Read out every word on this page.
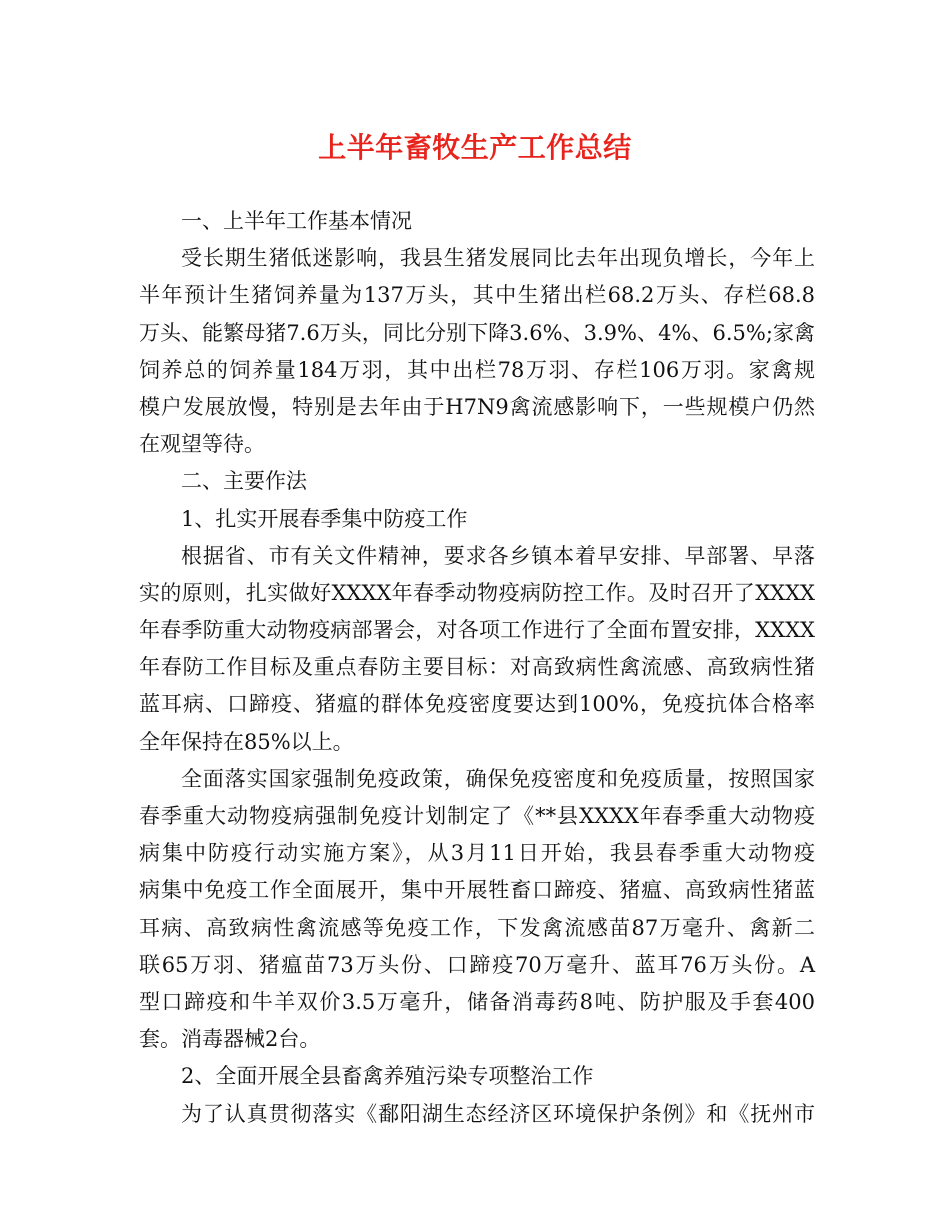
上半年畜牧生产工作总结
一、上半年工作基本情况
受长期生猪低迷影响，我县生猪发展同比去年出现负增长，今年上
半年预计生猪饲养量为137万头，其中生猪出栏68.2万头、存栏68.8
万头、能繁母猪7.6万头，同比分别下降3.6%、3.9%、4%、6.5%;家禽
饲养总的饲养量184万羽，其中出栏78万羽、存栏106万羽。家禽规
模户发展放慢，特别是去年由于H7N9禽流感影响下，一些规模户仍然
在观望等待。
二、主要作法
1、扎实开展春季集中防疫工作
根据省、市有关文件精神，要求各乡镇本着早安排、早部署、早落
实的原则，扎实做好XXXX年春季动物疫病防控工作。及时召开了XXXX
年春季防重大动物疫病部署会，对各项工作进行了全面布置安排，XXXX
年春防工作目标及重点春防主要目标：对高致病性禽流感、高致病性猪
蓝耳病、口蹄疫、猪瘟的群体免疫密度要达到100%，免疫抗体合格率
全年保持在85%以上。
全面落实国家强制免疫政策，确保免疫密度和免疫质量，按照国家
春季重大动物疫病强制免疫计划制定了《**县XXXX年春季重大动物疫
病集中防疫行动实施方案》，从3月11日开始，我县春季重大动物疫
病集中免疫工作全面展开，集中开展牲畜口蹄疫、猪瘟、高致病性猪蓝
耳病、高致病性禽流感等免疫工作，下发禽流感苗87万毫升、禽新二
联65万羽、猪瘟苗73万头份、口蹄疫70万毫升、蓝耳76万头份。A
型口蹄疫和牛羊双价3.5万毫升，储备消毒药8吨、防护服及手套400
套。消毒器械2台。
2、全面开展全县畜禽养殖污染专项整治工作
为了认真贯彻落实《鄱阳湖生态经济区环境保护条例》和《抚州市
